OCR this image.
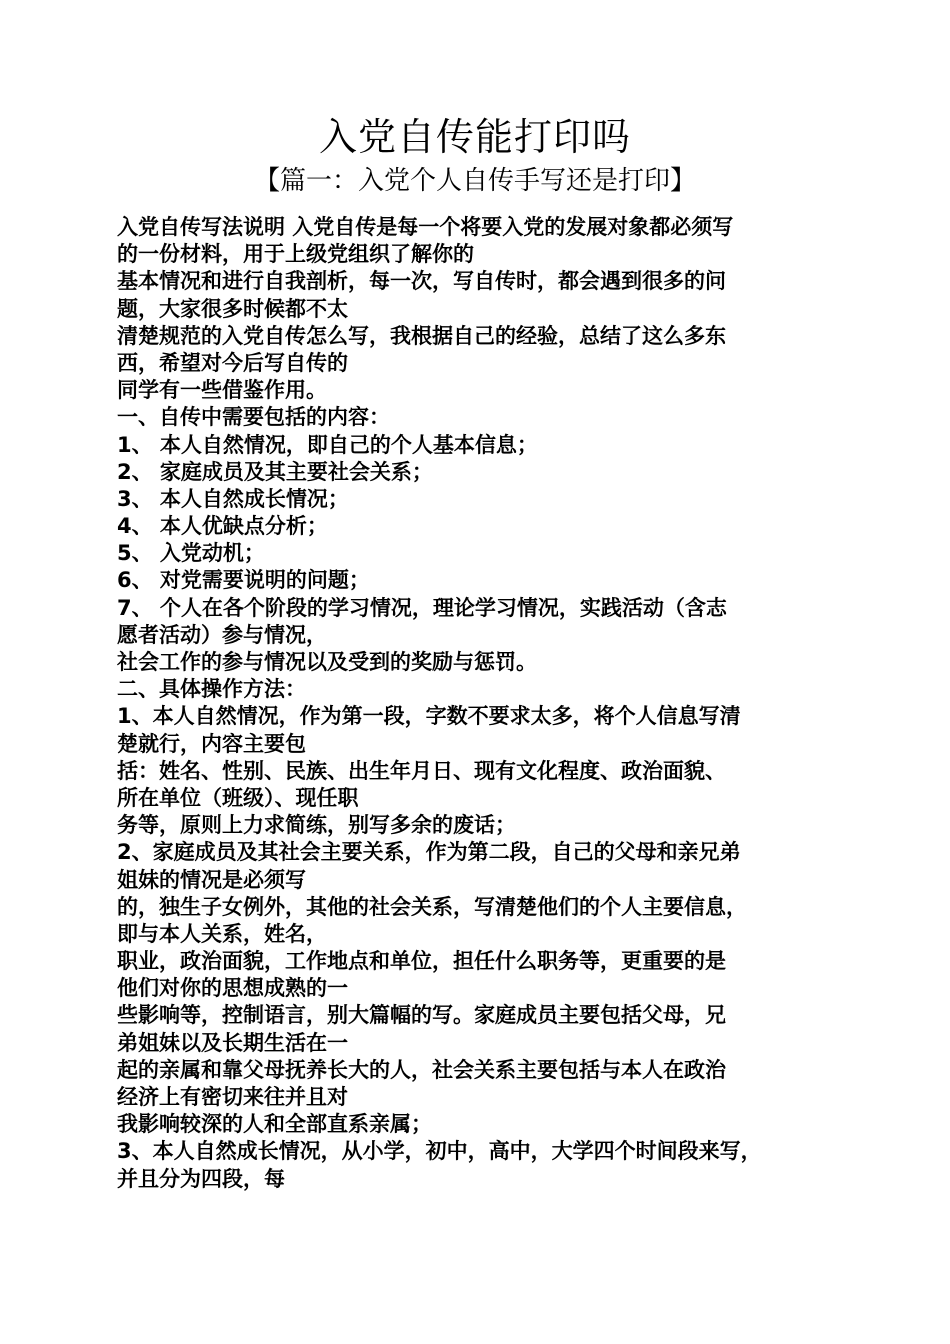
入党自传能打印吗
【篇一：入党个人自传手写还是打印】
入党自传写法说明 入党自传是每一个将要入党的发展对象都必须写
的一份材料，用于上级党组织了解你的
基本情况和进行自我剖析，每一次，写自传时，都会遇到很多的问
题，大家很多时候都不太
清楚规范的入党自传怎么写，我根据自己的经验，总结了这么多东
西，希望对今后写自传的
同学有一些借鉴作用。
一、自传中需要包括的内容：
1、 本人自然情况，即自己的个人基本信息；
2、 家庭成员及其主要社会关系；
3、 本人自然成长情况；
4、 本人优缺点分析；
5、 入党动机；
6、 对党需要说明的问题；
7、 个人在各个阶段的学习情况，理论学习情况，实践活动（含志
愿者活动）参与情况，
社会工作的参与情况以及受到的奖励与惩罚。
二、具体操作方法：
1、本人自然情况，作为第一段，字数不要求太多，将个人信息写清
楚就行，内容主要包
括：姓名、性别、民族、出生年月日、现有文化程度、政治面貌、
所在单位（班级）、现任职
务等，原则上力求简练，别写多余的废话；
2、家庭成员及其社会主要关系，作为第二段，自己的父母和亲兄弟
姐妹的情况是必须写
的，独生子女例外，其他的社会关系，写清楚他们的个人主要信息，
即与本人关系，姓名，
职业，政治面貌，工作地点和单位，担任什么职务等，更重要的是
他们对你的思想成熟的一
些影响等，控制语言，别大篇幅的写。家庭成员主要包括父母，兄
弟姐妹以及长期生活在一
起的亲属和靠父母抚养长大的人，社会关系主要包括与本人在政治
经济上有密切来往并且对
我影响较深的人和全部直系亲属；
3、本人自然成长情况，从小学，初中，高中，大学四个时间段来写，
并且分为四段，每
